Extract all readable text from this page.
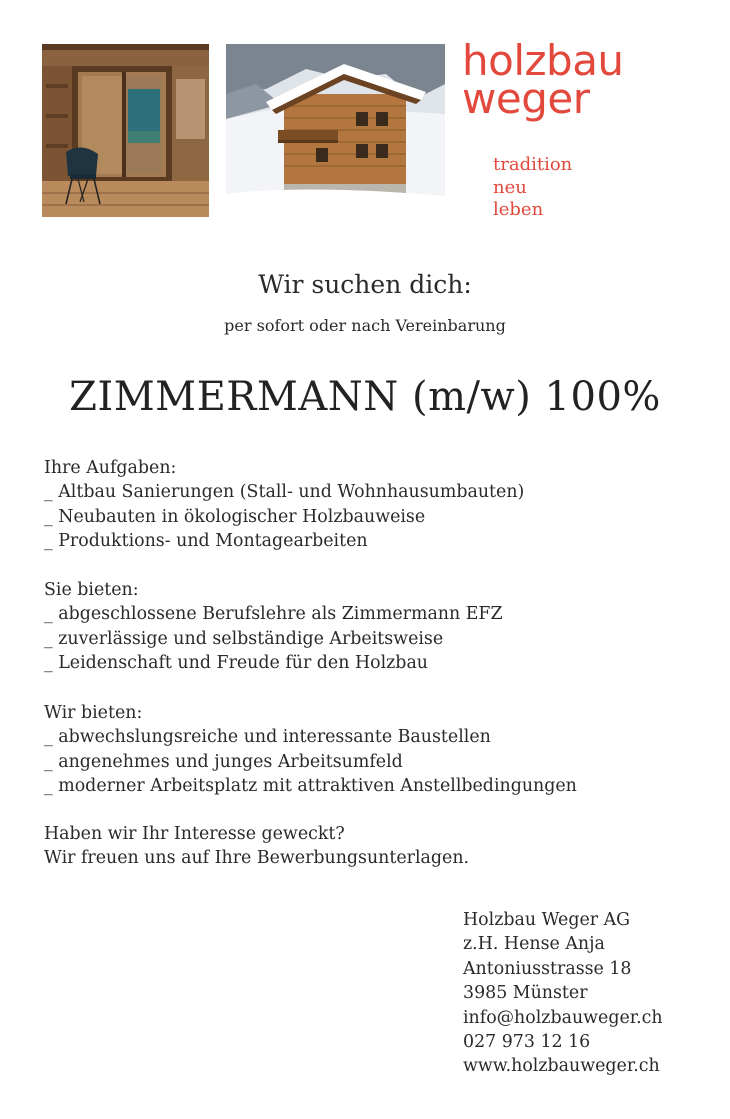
holzbau
weger
tradition
neu
leben
Wir suchen dich:
per sofort oder nach Vereinbarung
ZIMMERMANN (m/w) 100%
Ihre Aufgaben:
_ Altbau Sanierungen (Stall- und Wohnhausumbauten)
_ Neubauten in ökologischer Holzbauweise
_ Produktions- und Montagearbeiten
Sie bieten:
_ abgeschlossene Berufslehre als Zimmermann EFZ
_ zuverlässige und selbständige Arbeitsweise
_ Leidenschaft und Freude für den Holzbau
Wir bieten:
_ abwechslungsreiche und interessante Baustellen
_ angenehmes und junges Arbeitsumfeld
_ moderner Arbeitsplatz mit attraktiven Anstellbedingungen
Haben wir Ihr Interesse geweckt?
Wir freuen uns auf Ihre Bewerbungsunterlagen.
Holzbau Weger AG
z.H. Hense Anja
Antoniusstrasse 18
3985 Münster
info@holzbauweger.ch
027 973 12 16
www.holzbauweger.ch
